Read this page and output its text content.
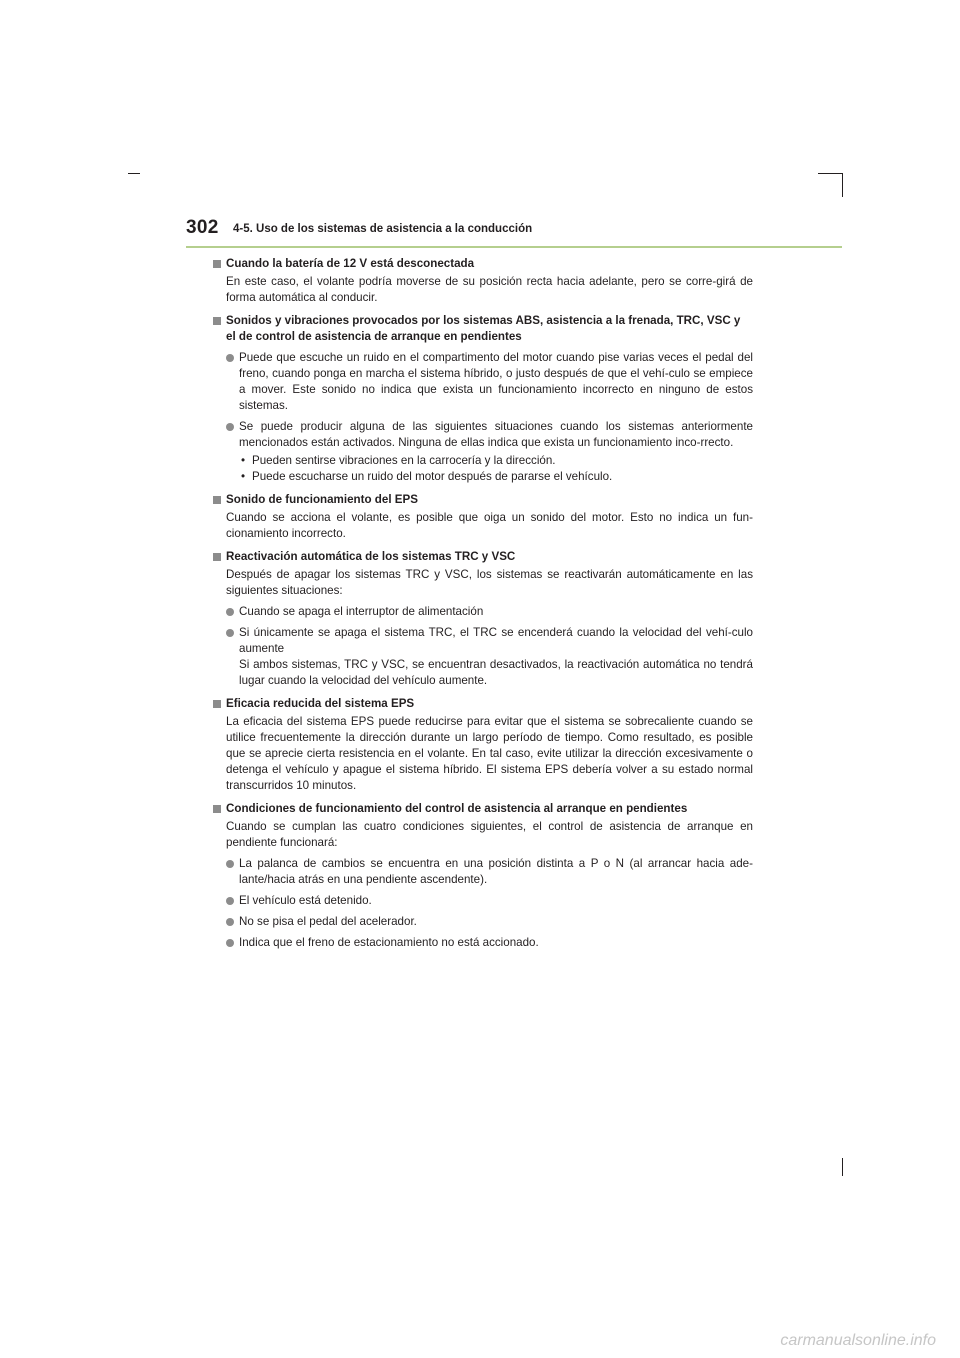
302 4-5. Uso de los sistemas de asistencia a la conducción
Cuando la batería de 12 V está desconectada
En este caso, el volante podría moverse de su posición recta hacia adelante, pero se corre-girá de forma automática al conducir.
Sonidos y vibraciones provocados por los sistemas ABS, asistencia a la frenada, TRC, VSC y el de control de asistencia de arranque en pendientes
Puede que escuche un ruido en el compartimento del motor cuando pise varias veces el pedal del freno, cuando ponga en marcha el sistema híbrido, o justo después de que el vehí-culo se empiece a mover. Este sonido no indica que exista un funcionamiento incorrecto en ninguno de estos sistemas.
Se puede producir alguna de las siguientes situaciones cuando los sistemas anteriormente mencionados están activados. Ninguna de ellas indica que exista un funcionamiento inco-rrecto.
• Pueden sentirse vibraciones en la carrocería y la dirección.
• Puede escucharse un ruido del motor después de pararse el vehículo.
Sonido de funcionamiento del EPS
Cuando se acciona el volante, es posible que oiga un sonido del motor. Esto no indica un fun-cionamiento incorrecto.
Reactivación automática de los sistemas TRC y VSC
Después de apagar los sistemas TRC y VSC, los sistemas se reactivarán automáticamente en las siguientes situaciones:
Cuando se apaga el interruptor de alimentación
Si únicamente se apaga el sistema TRC, el TRC se encenderá cuando la velocidad del vehí-culo aumente
Si ambos sistemas, TRC y VSC, se encuentran desactivados, la reactivación automática no tendrá lugar cuando la velocidad del vehículo aumente.
Eficacia reducida del sistema EPS
La eficacia del sistema EPS puede reducirse para evitar que el sistema se sobrecaliente cuando se utilice frecuentemente la dirección durante un largo período de tiempo. Como resultado, es posible que se aprecie cierta resistencia en el volante. En tal caso, evite utilizar la dirección excesivamente o detenga el vehículo y apague el sistema híbrido. El sistema EPS debería volver a su estado normal transcurridos 10 minutos.
Condiciones de funcionamiento del control de asistencia al arranque en pendientes
Cuando se cumplan las cuatro condiciones siguientes, el control de asistencia de arranque en pendiente funcionará:
La palanca de cambios se encuentra en una posición distinta a P o N (al arrancar hacia ade-lante/hacia atrás en una pendiente ascendente).
El vehículo está detenido.
No se pisa el pedal del acelerador.
Indica que el freno de estacionamiento no está accionado.
carmanualsonline.info
